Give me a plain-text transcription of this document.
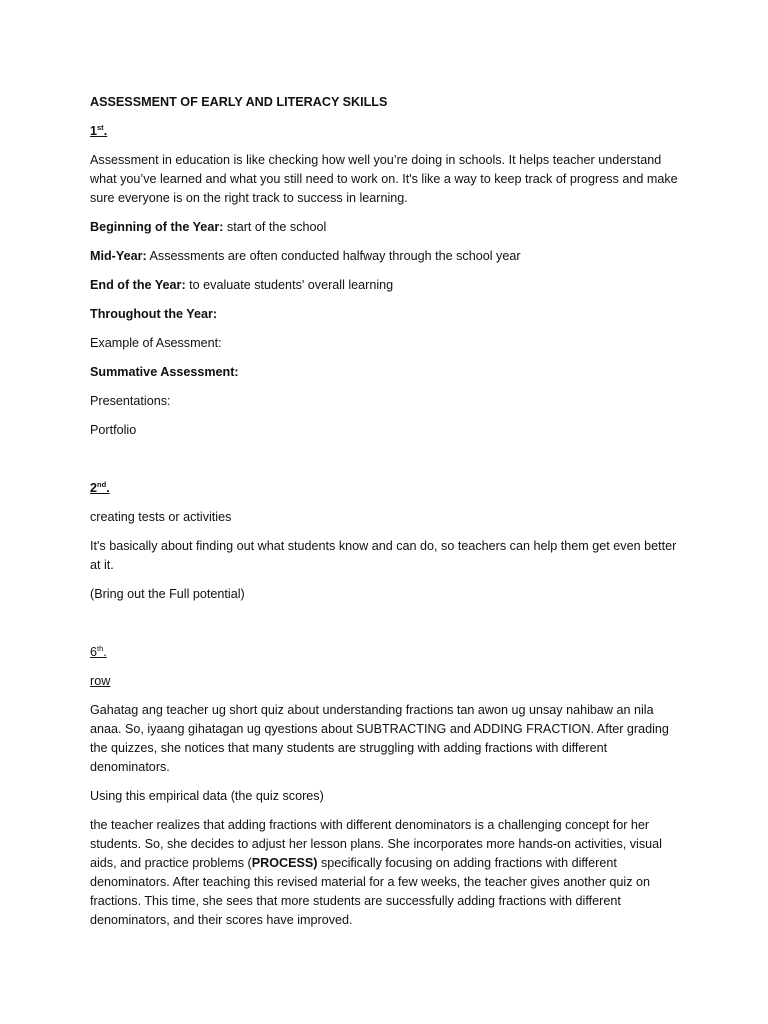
ASSESSMENT OF EARLY AND LITERACY SKILLS
1st.

Assessment in education is like checking how well you’re doing in schools. It helps teacher understand what you’ve learned and what you still need to work on. It's like a way to keep track of progress and make sure everyone is on the right track to success in learning.

Beginning of the Year: start of the school

Mid-Year: Assessments are often conducted halfway through the school year

End of the Year: to evaluate students' overall learning

Throughout the Year:

Example of Asessment:

Summative Assessment:

Presentations:

Portfolio

2nd.

creating tests or activities

It's basically about finding out what students know and can do, so teachers can help them get even better at it.

(Bring out the Full potential)

6th.

row

Gahatag ang teacher ug short quiz about understanding fractions tan awon ug unsay nahibaw an nila anaa. So, iyaang gihatagan ug qyestions about SUBTRACTING and ADDING FRACTION. After grading the quizzes, she notices that many students are struggling with adding fractions with different denominators.

Using this empirical data (the quiz scores)

the teacher realizes that adding fractions with different denominators is a challenging concept for her students. So, she decides to adjust her lesson plans. She incorporates more hands-on activities, visual aids, and practice problems (PROCESS) specifically focusing on adding fractions with different denominators. After teaching this revised material for a few weeks, the teacher gives another quiz on fractions. This time, she sees that more students are successfully adding fractions with different denominators, and their scores have improved.
